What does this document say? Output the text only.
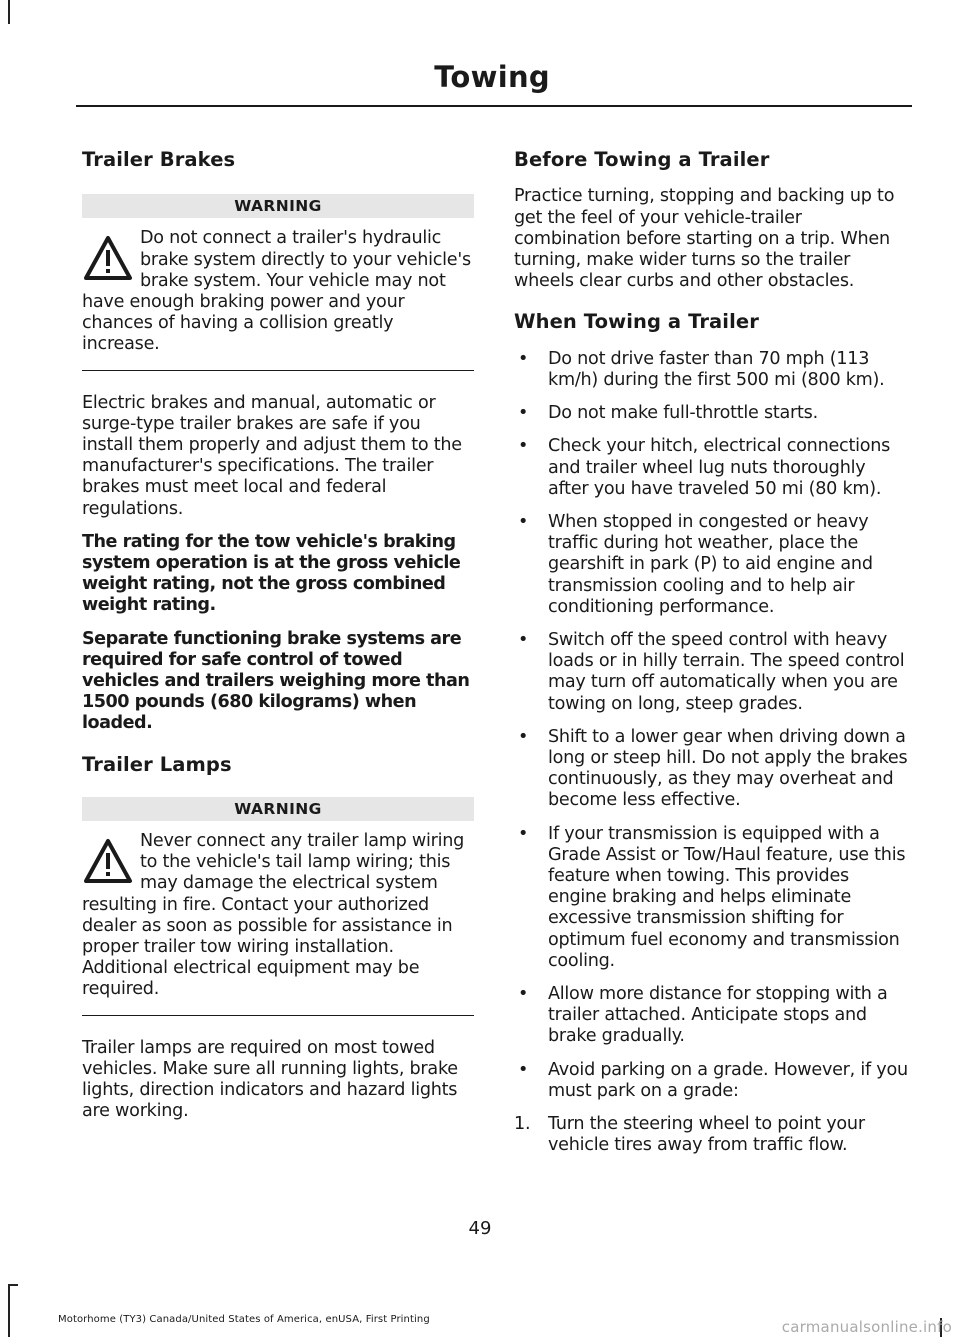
Towing
Trailer Brakes
WARNING
Do not connect a trailer's hydraulic brake system directly to your vehicle's brake system. Your vehicle may not have enough braking power and your chances of having a collision greatly increase.

Electric brakes and manual, automatic or surge-type trailer brakes are safe if you install them properly and adjust them to the manufacturer's specifications. The trailer brakes must meet local and federal regulations.

The rating for the tow vehicle's braking system operation is at the gross vehicle weight rating, not the gross combined weight rating.

Separate functioning brake systems are required for safe control of towed vehicles and trailers weighing more than 1500 pounds (680 kilograms) when loaded.

Trailer Lamps
WARNING
Never connect any trailer lamp wiring to the vehicle's tail lamp wiring; this may damage the electrical system resulting in fire. Contact your authorized dealer as soon as possible for assistance in proper trailer tow wiring installation. Additional electrical equipment may be required.

Trailer lamps are required on most towed vehicles. Make sure all running lights, brake lights, direction indicators and hazard lights are working.

Before Towing a Trailer

Practice turning, stopping and backing up to get the feel of your vehicle-trailer combination before starting on a trip. When turning, make wider turns so the trailer wheels clear curbs and other obstacles.

When Towing a Trailer
• Do not drive faster than 70 mph (113 km/h) during the first 500 mi (800 km).
• Do not make full-throttle starts.
• Check your hitch, electrical connections and trailer wheel lug nuts thoroughly after you have traveled 50 mi (80 km).
• When stopped in congested or heavy traffic during hot weather, place the gearshift in park (P) to aid engine and transmission cooling and to help air conditioning performance.
• Switch off the speed control with heavy loads or in hilly terrain. The speed control may turn off automatically when you are towing on long, steep grades.
• Shift to a lower gear when driving down a long or steep hill. Do not apply the brakes continuously, as they may overheat and become less effective.
• If your transmission is equipped with a Grade Assist or Tow/Haul feature, use this feature when towing. This provides engine braking and helps eliminate excessive transmission shifting for optimum fuel economy and transmission cooling.
• Allow more distance for stopping with a trailer attached. Anticipate stops and brake gradually.
• Avoid parking on a grade. However, if you must park on a grade:
1. Turn the steering wheel to point your vehicle tires away from traffic flow.
49
Motorhome (TY3) Canada/United States of America, enUSA, First Printing	carmanualsonline.info
